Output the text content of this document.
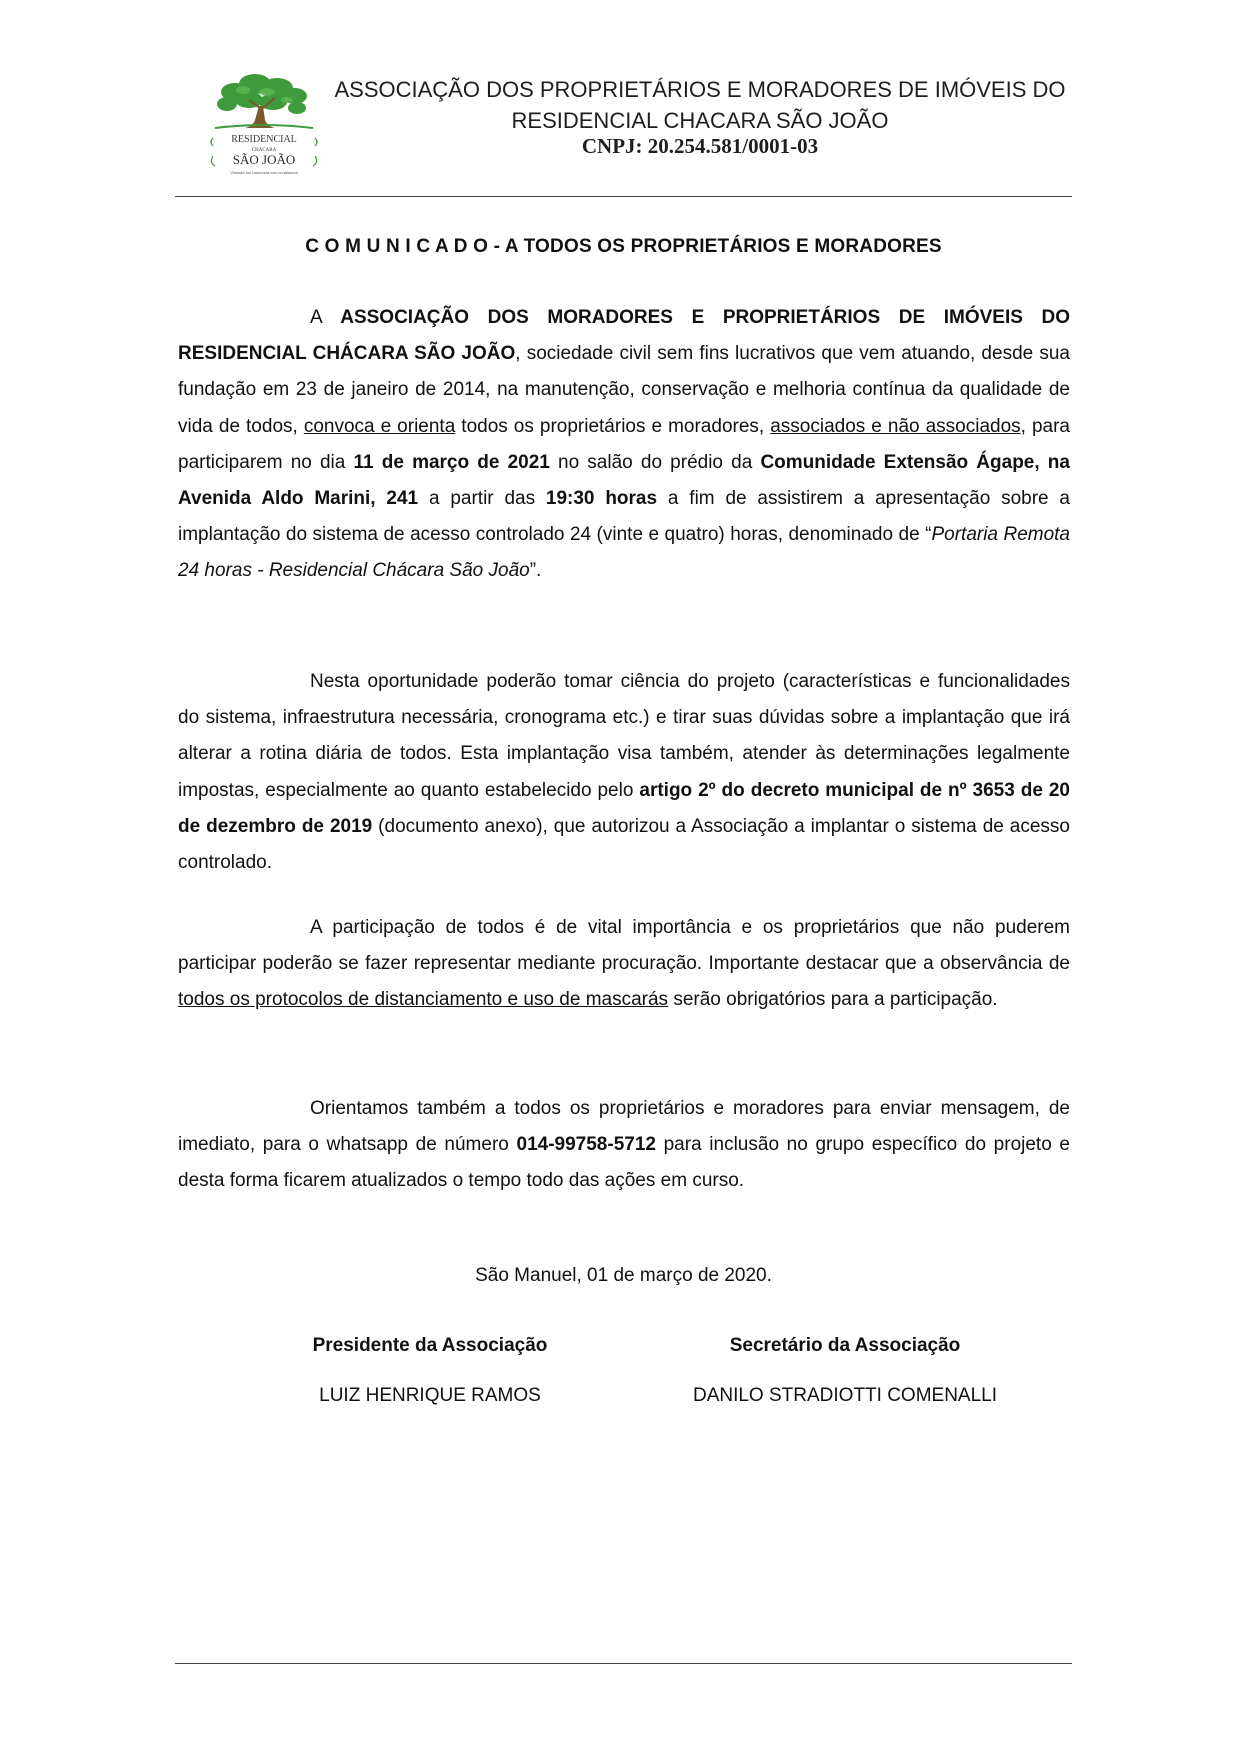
RESIDENCIAL
CHÁCARA
SÃO JOÃO
Vivendo em harmonia com a natureza
ASSOCIAÇÃO DOS PROPRIETÁRIOS E MORADORES DE IMÓVEIS DO
RESIDENCIAL CHACARA SÃO JOÃO
CNPJ: 20.254.581/0001-03
C O M U N I C A D O - A TODOS OS PROPRIETÁRIOS E MORADORES

A ASSOCIAÇÃO DOS MORADORES E PROPRIETÁRIOS DE IMÓVEIS DO RESIDENCIAL CHÁCARA SÃO JOÃO, sociedade civil sem fins lucrativos que vem atuando, desde sua fundação em 23 de janeiro de 2014, na manutenção, conservação e melhoria contínua da qualidade de vida de todos, convoca e orienta todos os proprietários e moradores, associados e não associados, para participarem no dia 11 de março de 2021 no salão do prédio da Comunidade Extensão Ágape, na Avenida Aldo Marini, 241 a partir das 19:30 horas a fim de assistirem a apresentação sobre a implantação do sistema de acesso controlado 24 (vinte e quatro) horas, denominado de “Portaria Remota 24 horas - Residencial Chácara São João”.

Nesta oportunidade poderão tomar ciência do projeto (características e funcionalidades do sistema, infraestrutura necessária, cronograma etc.) e tirar suas dúvidas sobre a implantação que irá alterar a rotina diária de todos. Esta implantação visa também, atender às determinações legalmente impostas, especialmente ao quanto estabelecido pelo artigo 2º do decreto municipal de nº 3653 de 20 de dezembro de 2019 (documento anexo), que autorizou a Associação a implantar o sistema de acesso controlado.

A participação de todos é de vital importância e os proprietários que não puderem participar poderão se fazer representar mediante procuração. Importante destacar que a observância de todos os protocolos de distanciamento e uso de mascarás serão obrigatórios para a participação.

Orientamos também a todos os proprietários e moradores para enviar mensagem, de imediato, para o whatsapp de número 014-99758-5712 para inclusão no grupo específico do projeto e desta forma ficarem atualizados o tempo todo das ações em curso.

São Manuel, 01 de março de 2020.
Presidente da Associação
LUIZ HENRIQUE RAMOS
Secretário da Associação
DANILO STRADIOTTI COMENALLI
